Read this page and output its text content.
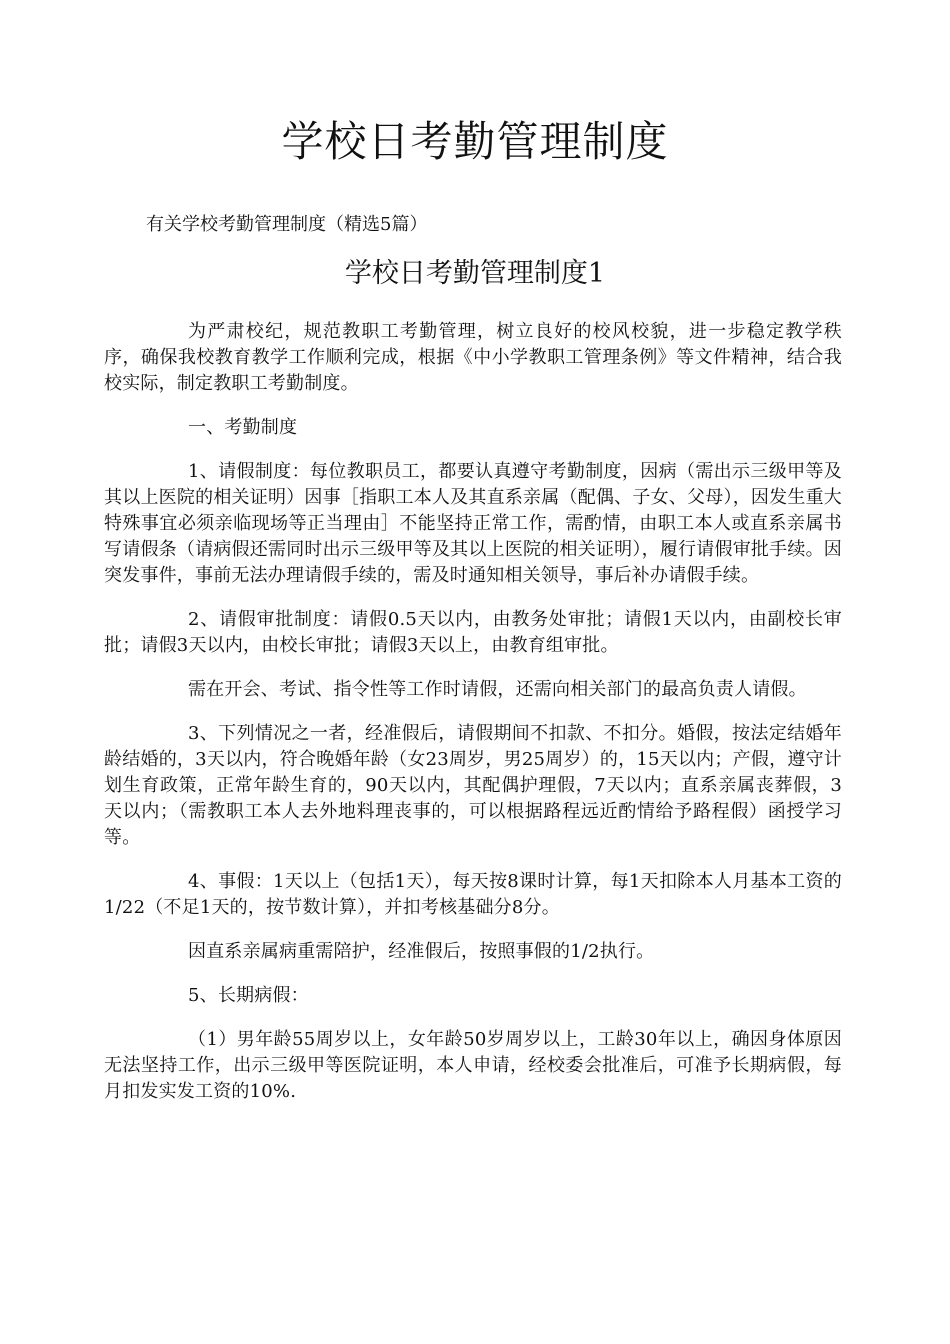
学校日考勤管理制度

有关学校考勤管理制度（精选5篇）

学校日考勤管理制度1

为严肃校纪，规范教职工考勤管理，树立良好的校风校貌，进一步稳定教学秩序，确保我校教育教学工作顺利完成，根据《中小学教职工管理条例》等文件精神，结合我校实际，制定教职工考勤制度。

一、考勤制度

1、请假制度：每位教职员工，都要认真遵守考勤制度，因病（需出示三级甲等及其以上医院的相关证明）因事［指职工本人及其直系亲属（配偶、子女、父母），因发生重大特殊事宜必须亲临现场等正当理由］不能坚持正常工作，需酌情，由职工本人或直系亲属书写请假条（请病假还需同时出示三级甲等及其以上医院的相关证明），履行请假审批手续。因突发事件，事前无法办理请假手续的，需及时通知相关领导，事后补办请假手续。

2、请假审批制度：请假0.5天以内，由教务处审批；请假1天以内，由副校长审批；请假3天以内，由校长审批；请假3天以上，由教育组审批。

需在开会、考试、指令性等工作时请假，还需向相关部门的最高负责人请假。

3、下列情况之一者，经准假后，请假期间不扣款、不扣分。婚假，按法定结婚年龄结婚的，3天以内，符合晚婚年龄（女23周岁，男25周岁）的，15天以内；产假，遵守计划生育政策，正常年龄生育的，90天以内，其配偶护理假，7天以内；直系亲属丧葬假，3天以内；（需教职工本人去外地料理丧事的，可以根据路程远近酌情给予路程假）函授学习等。

4、事假：1天以上（包括1天），每天按8课时计算，每1天扣除本人月基本工资的1/22（不足1天的，按节数计算），并扣考核基础分8分。

因直系亲属病重需陪护，经准假后，按照事假的1/2执行。

5、长期病假：

（1）男年龄55周岁以上，女年龄50岁周岁以上，工龄30年以上，确因身体原因无法坚持工作，出示三级甲等医院证明，本人申请，经校委会批准后，可准予长期病假，每月扣发实发工资的10%.
